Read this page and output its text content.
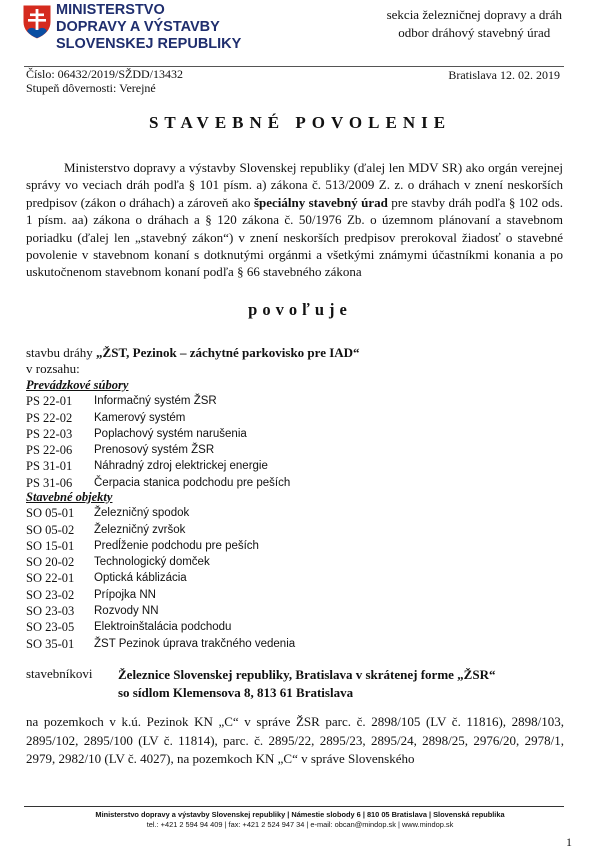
MINISTERSTVO
DOPRAVY A VÝSTAVBY
SLOVENSKEJ REPUBLIKY
sekcia železničnej dopravy a dráh
odbor dráhový stavebný úrad
Číslo: 06432/2019/SŽDD/13432
Stupeň dôvernosti: Verejné
Bratislava 12. 02. 2019
STAVEBNÉ POVOLENIE
Ministerstvo dopravy a výstavby Slovenskej republiky (ďalej len MDV SR) ako orgán verejnej správy vo veciach dráh podľa § 101 písm. a) zákona č. 513/2009 Z. z. o dráhach v znení neskorších predpisov (zákon o dráhach) a zároveň ako špeciálny stavebný úrad pre stavby dráh podľa § 102 ods. 1 písm. aa) zákona o dráhach a § 120 zákona č. 50/1976 Zb. o územnom plánovaní a stavebnom poriadku (ďalej len „stavebný zákon“) v znení neskorších predpisov prerokoval žiadosť o stavebné povolenie v stavebnom konaní s dotknutými orgánmi a všetkými známymi účastníkmi konania a po uskutočnenom stavebnom konaní podľa § 66 stavebného zákona
povoľuje
stavbu dráhy „ŽST, Pezinok – záchytné parkovisko pre IAD“
v rozsahu:
Prevádzkové súbory
PS 22-01	Informačný systém ŽSR
PS 22-02	Kamerový systém
PS 22-03	Poplachový systém narušenia
PS 22-06	Prenosový systém ŽSR
PS 31-01	Náhradný zdroj elektrickej energie
PS 31-06	Čerpacia stanica podchodu pre peších
Stavebné objekty
SO 05-01	Železničný spodok
SO 05-02	Železničný zvršok
SO 15-01	Predĺženie podchodu pre peších
SO 20-02	Technologický domček
SO 22-01	Optická káblizácia
SO 23-02	Prípojka NN
SO 23-03	Rozvody NN
SO 23-05	Elektroinštalácia podchodu
SO 35-01	ŽST Pezinok úprava trakčného vedenia
stavebníkovi Železnice Slovenskej republiky, Bratislava v skrátenej forme „ŽSR“
so sídlom Klemensova 8, 813 61 Bratislava
na pozemkoch v k.ú. Pezinok KN „C“ v správe ŽSR parc. č. 2898/105 (LV č. 11816), 2898/103, 2895/102, 2895/100 (LV č. 11814), parc. č. 2895/22, 2895/23, 2895/24, 2898/25, 2976/20, 2978/1, 2979, 2982/10 (LV č. 4027), na pozemkoch KN „C“ v správe Slovenského
Ministerstvo dopravy a výstavby Slovenskej republiky | Námestie slobody 6 | 810 05 Bratislava | Slovenská republika
tel.: +421 2 594 94 409 | fax: +421 2 524 947 34 | e-mail: obcan@mindop.sk | www.mindop.sk
1
